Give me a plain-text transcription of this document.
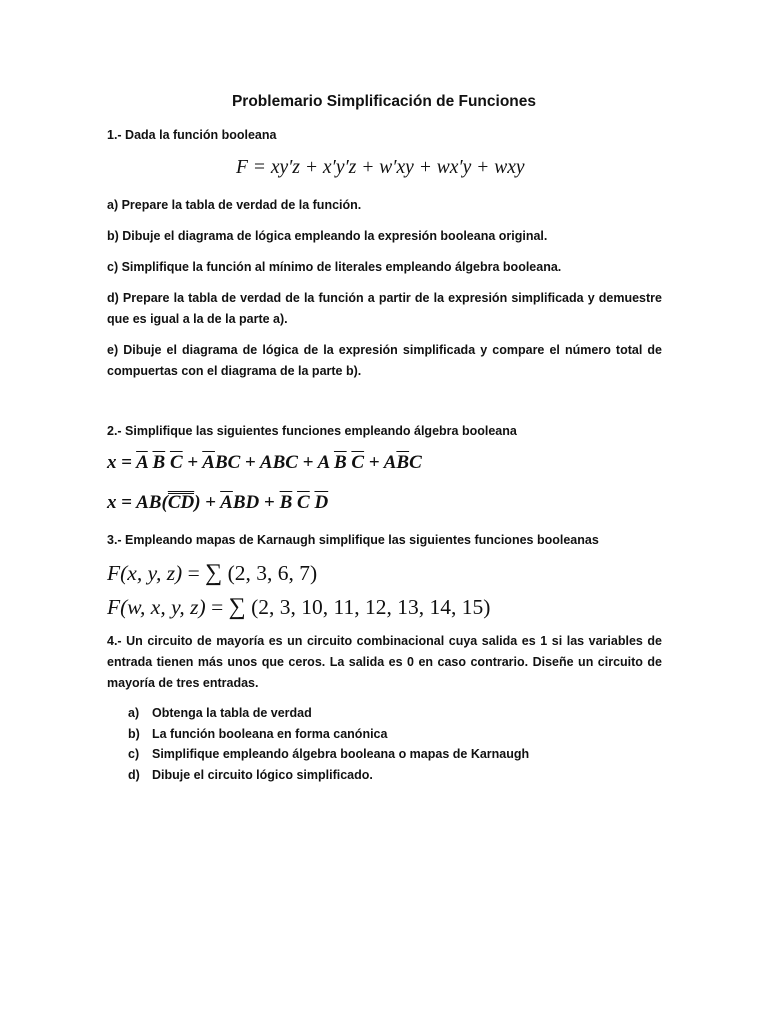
Problemario Simplificación de Funciones
1.- Dada la función booleana
F = xy′z + x′y′z + w′xy + wx′y + wxy
a) Prepare la tabla de verdad de la función.
b) Dibuje el diagrama de lógica empleando la expresión booleana original.
c) Simplifique la función al mínimo de literales empleando álgebra booleana.
d) Prepare la tabla de verdad de la función a partir de la expresión simplificada y demuestre que es igual a la de la parte a).
e) Dibuje el diagrama de lógica de la expresión simplificada y compare el número total de compuertas con el diagrama de la parte b).
2.- Simplifique las siguientes funciones empleando álgebra booleana
$x = \overline{A}$ $\overline{B}$ $\overline{C} + \overline{A}BC$ + ABC + A $\overline{B}$ $\overline{C} + A\overline{B}C$
$x = AB(\overline{CD}) + \overline{A}BD + \overline{B}$ $\overline{C}$ $\overline{D}$
3.- Empleando mapas de Karnaugh simplifique las siguientes funciones booleanas
F(x, y, z) = ∑ (2, 3, 6, 7)
F(w, x, y, z) = ∑ (2, 3, 10, 11, 12, 13, 14, 15)
4.- Un circuito de mayoría es un circuito combinacional cuya salida es 1 si las variables de entrada tienen más unos que ceros. La salida es 0 en caso contrario. Diseñe un circuito de mayoría de tres entradas.
a)	Obtenga la tabla de verdad
b) La función booleana en forma canónica
c)	Simplifique empleando álgebra booleana o mapas de Karnaugh
d) Dibuje el circuito lógico simplificado.
